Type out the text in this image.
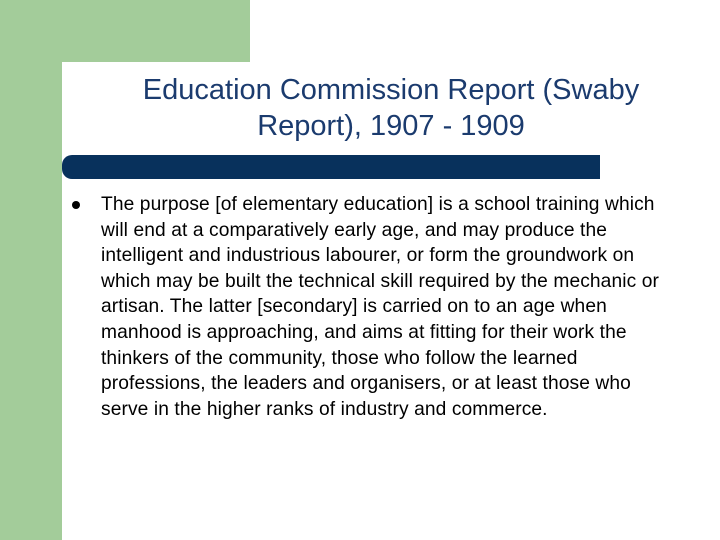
Education Commission Report (Swaby
Report), 1907 - 1909

The purpose [of elementary education] is a school training which will end at a comparatively early age, and may produce the intelligent and industrious labourer, or form the groundwork on which may be built the technical skill required by the mechanic or artisan. The latter [secondary] is carried on to an age when manhood is approaching, and aims at fitting for their work the thinkers of the community, those who follow the learned professions, the leaders and organisers, or at least those who serve in the higher ranks of industry and commerce.
